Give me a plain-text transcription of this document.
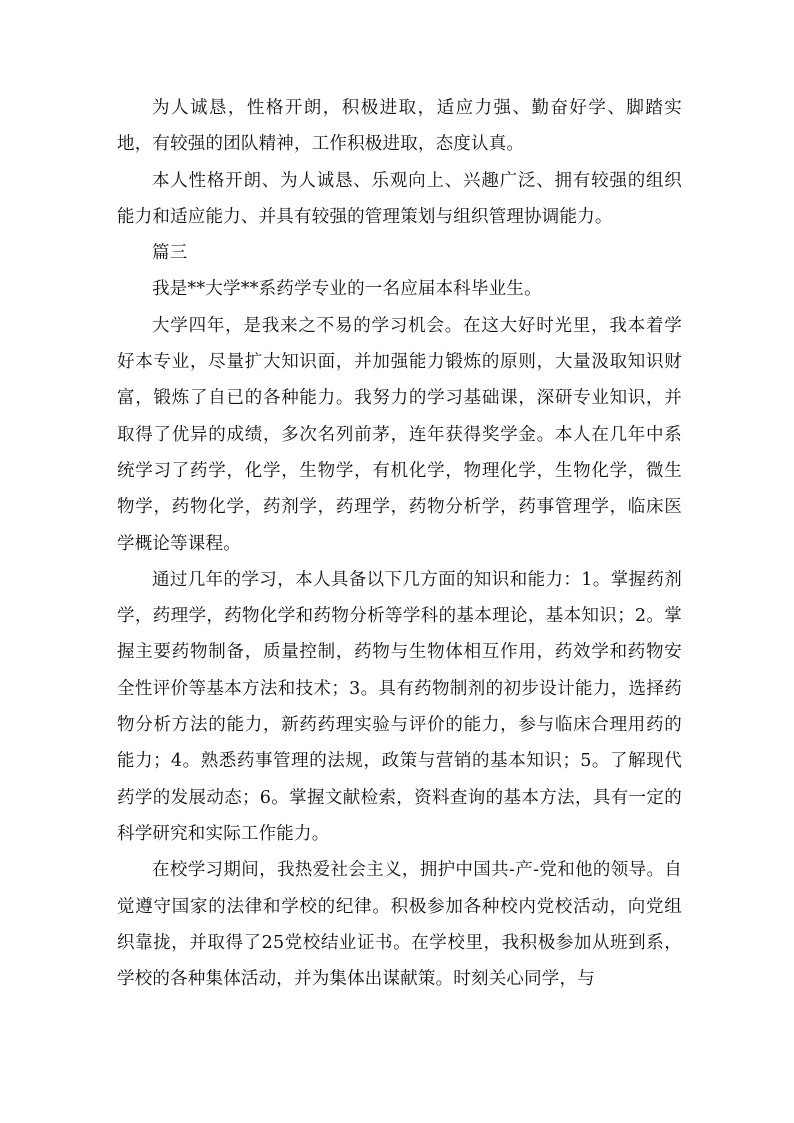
为人诚恳，性格开朗，积极进取，适应力强、勤奋好学、脚踏实地，有较强的团队精神，工作积极进取，态度认真。

本人性格开朗、为人诚恳、乐观向上、兴趣广泛、拥有较强的组织能力和适应能力、并具有较强的管理策划与组织管理协调能力。

篇三

我是**大学**系药学专业的一名应届本科毕业生。

大学四年，是我来之不易的学习机会。在这大好时光里，我本着学好本专业，尽量扩大知识面，并加强能力锻炼的原则，大量汲取知识财富，锻炼了自已的各种能力。我努力的学习基础课，深研专业知识，并取得了优异的成绩，多次名列前茅，连年获得奖学金。本人在几年中系统学习了药学，化学，生物学，有机化学，物理化学，生物化学，微生物学，药物化学，药剂学，药理学，药物分析学，药事管理学，临床医学概论等课程。

通过几年的学习，本人具备以下几方面的知识和能力：1。掌握药剂学，药理学，药物化学和药物分析等学科的基本理论，基本知识；2。掌握主要药物制备，质量控制，药物与生物体相互作用，药效学和药物安全性评价等基本方法和技术；3。具有药物制剂的初步设计能力，选择药物分析方法的能力，新药药理实验与评价的能力，参与临床合理用药的能力；4。熟悉药事管理的法规，政策与营销的基本知识；5。了解现代药学的发展动态；6。掌握文献检索，资料查询的基本方法，具有一定的科学研究和实际工作能力。

在校学习期间，我热爱社会主义，拥护中国共-产-党和他的领导。自觉遵守国家的法律和学校的纪律。积极参加各种校内党校活动，向党组织靠拢，并取得了25党校结业证书。在学校里，我积极参加从班到系，学校的各种集体活动，并为集体出谋献策。时刻关心同学，与
